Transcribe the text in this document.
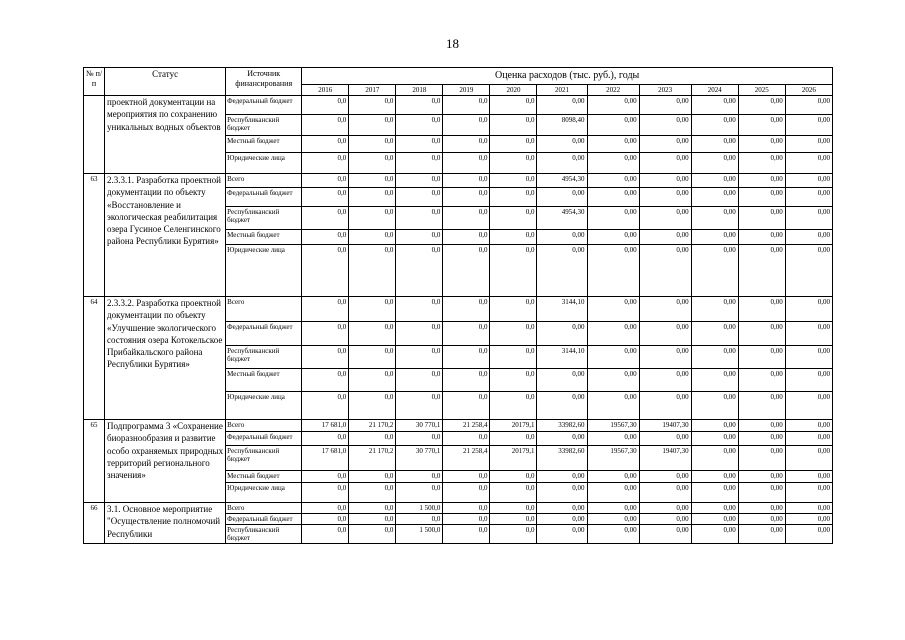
18
№ п/п	Статус	Источник финансирования	Оценка расходов (тыс. руб.), годы										
			2016	2017	2018	2019	2020	2021	2022	2023	2024	2025	2026
	проектной документации на мероприятия по сохранению уникальных водных объектов	Федеральный бюджет	0,0	0,0	0,0	0,0	0,0	0,00	0,00	0,00	0,00	0,00	0,00
		Республиканский бюджет	0,0	0,0	0,0	0,0	0,0	8098,40	0,00	0,00	0,00	0,00	0,00
		Местный бюджет	0,0	0,0	0,0	0,0	0,0	0,00	0,00	0,00	0,00	0,00	0,00
		Юридические лица	0,0	0,0	0,0	0,0	0,0	0,00	0,00	0,00	0,00	0,00	0,00
63	2.3.3.1. Разработка проектной документации по объекту «Восстановление и экологическая реабилитация озера Гусиное Селенгинского района Республики Бурятия»	Всего	0,0	0,0	0,0	0,0	0,0	4954,30	0,00	0,00	0,00	0,00	0,00
		Федеральный бюджет	0,0	0,0	0,0	0,0	0,0	0,00	0,00	0,00	0,00	0,00	0,00
		Республиканский бюджет	0,0	0,0	0,0	0,0	0,0	4954,30	0,00	0,00	0,00	0,00	0,00
		Местный бюджет	0,0	0,0	0,0	0,0	0,0	0,00	0,00	0,00	0,00	0,00	0,00
		Юридические лица	0,0	0,0	0,0	0,0	0,0	0,00	0,00	0,00	0,00	0,00	0,00
64	2.3.3.2. Разработка проектной документации по объекту «Улучшение экологического состояния озера Котокельское Прибайкальского района Республики Бурятия»	Всего	0,0	0,0	0,0	0,0	0,0	3144,10	0,00	0,00	0,00	0,00	0,00
		Федеральный бюджет	0,0	0,0	0,0	0,0	0,0	0,00	0,00	0,00	0,00	0,00	0,00
		Республиканский бюджет	0,0	0,0	0,0	0,0	0,0	3144,10	0,00	0,00	0,00	0,00	0,00
		Местный бюджет	0,0	0,0	0,0	0,0	0,0	0,00	0,00	0,00	0,00	0,00	0,00
		Юридические лица	0,0	0,0	0,0	0,0	0,0	0,00	0,00	0,00	0,00	0,00	0,00
65	Подпрограмма 3 «Сохранение биоразнообразия и развитие особо охраняемых природных территорий регионального значения»	Всего	17 681,0	21 170,2	30 770,1	21 258,4	20179,1	33982,60	19567,30	19407,30	0,00	0,00	0,00
		Федеральный бюджет	0,0	0,0	0,0	0,0	0,0	0,00	0,00	0,00	0,00	0,00	0,00
		Республиканский бюджет	17 681,0	21 170,2	30 770,1	21 258,4	20179,1	33982,60	19567,30	19407,30	0,00	0,00	0,00
		Местный бюджет	0,0	0,0	0,0	0,0	0,0	0,00	0,00	0,00	0,00	0,00	0,00
		Юридические лица	0,0	0,0	0,0	0,0	0,0	0,00	0,00	0,00	0,00	0,00	0,00
66	3.1. Основное мероприятие "Осуществление полномочий Республики	Всего	0,0	0,0	1 500,0	0,0	0,0	0,00	0,00	0,00	0,00	0,00	0,00
		Федеральный бюджет	0,0	0,0	0,0	0,0	0,0	0,00	0,00	0,00	0,00	0,00	0,00
		Республиканский бюджет	0,0	0,0	1 500,0	0,0	0,0	0,00	0,00	0,00	0,00	0,00	0,00
